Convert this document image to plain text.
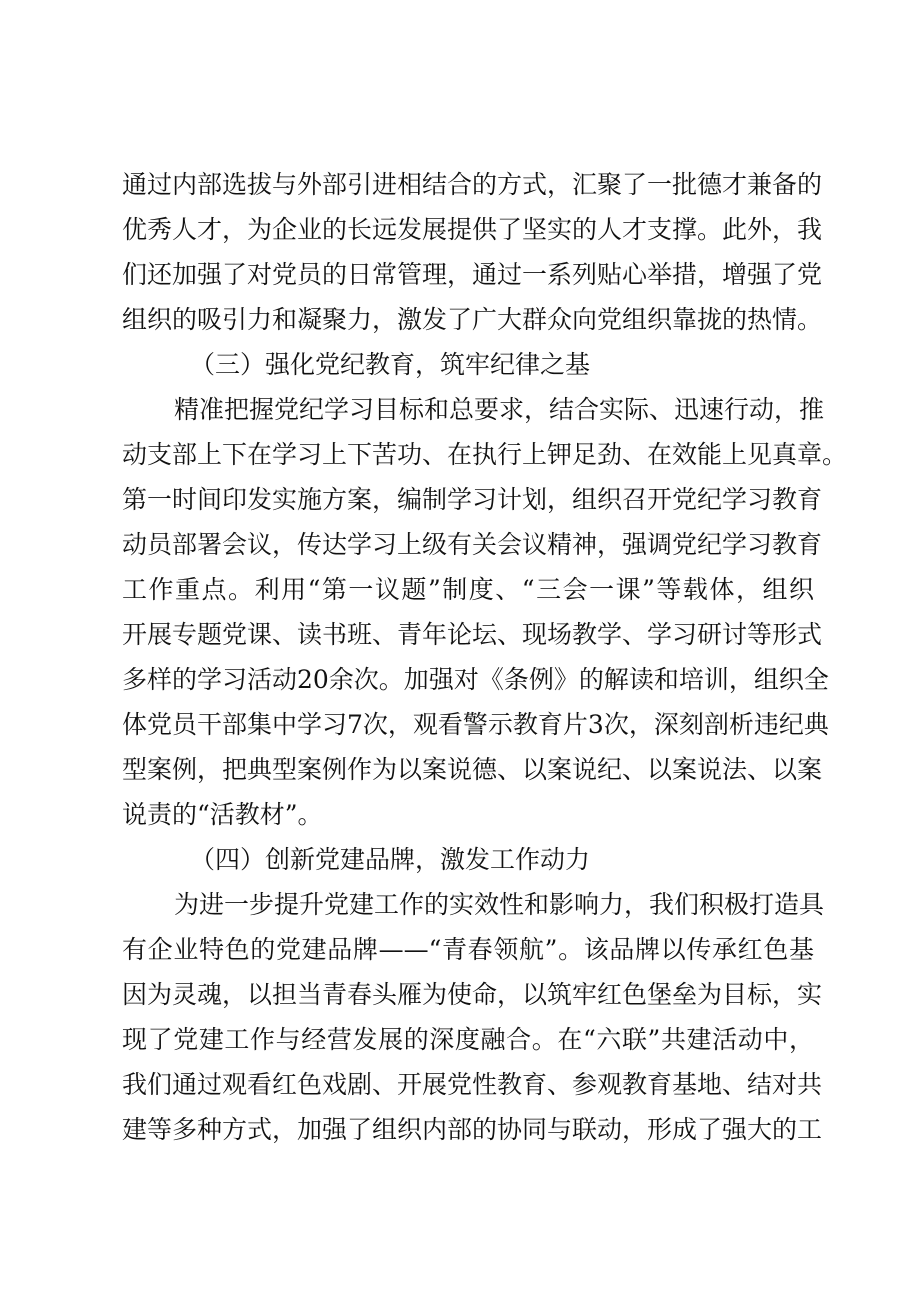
通过内部选拔与外部引进相结合的方式，汇聚了一批德才兼备的
优秀人才，为企业的长远发展提供了坚实的人才支撑。此外，我
们还加强了对党员的日常管理，通过一系列贴心举措，增强了党
组织的吸引力和凝聚力，激发了广大群众向党组织靠拢的热情。
（三）强化党纪教育，筑牢纪律之基
精准把握党纪学习目标和总要求，结合实际、迅速行动，推
动支部上下在学习上下苦功、在执行上钾足劲、在效能上见真章。
第一时间印发实施方案，编制学习计划，组织召开党纪学习教育
动员部署会议，传达学习上级有关会议精神，强调党纪学习教育
工作重点。利用“第一议题”制度、“三会一课”等载体，组织
开展专题党课、读书班、青年论坛、现场教学、学习研讨等形式
多样的学习活动20余次。加强对《条例》的解读和培训，组织全
体党员干部集中学习7次，观看警示教育片3次，深刻剖析违纪典
型案例，把典型案例作为以案说德、以案说纪、以案说法、以案
说责的“活教材”。
（四）创新党建品牌，激发工作动力
为进一步提升党建工作的实效性和影响力，我们积极打造具
有企业特色的党建品牌——“青春领航”。该品牌以传承红色基
因为灵魂，以担当青春头雁为使命，以筑牢红色堡垒为目标，实
现了党建工作与经营发展的深度融合。在“六联”共建活动中，
我们通过观看红色戏剧、开展党性教育、参观教育基地、结对共
建等多种方式，加强了组织内部的协同与联动，形成了强大的工
